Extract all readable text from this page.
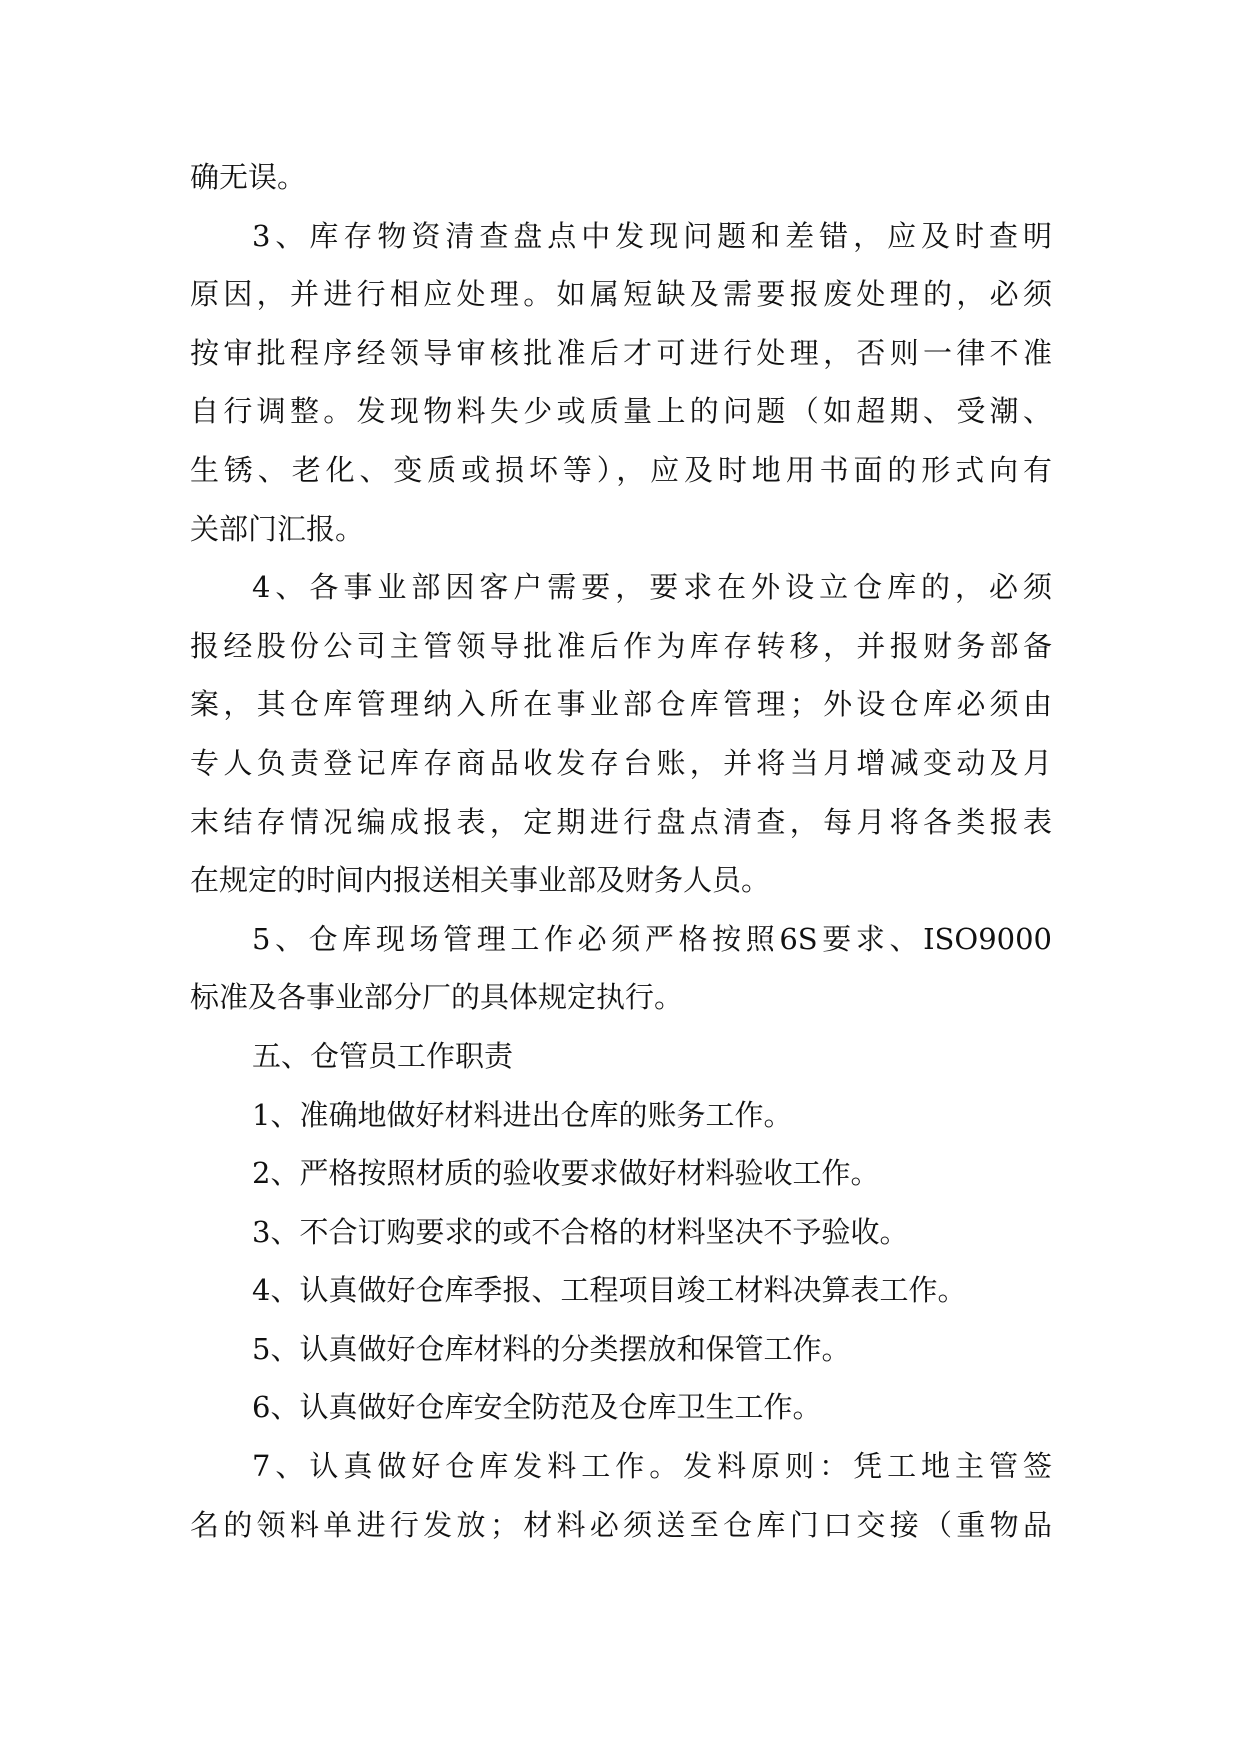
确无误。
3、库存物资清查盘点中发现问题和差错，应及时查明
原因，并进行相应处理。如属短缺及需要报废处理的，必须
按审批程序经领导审核批准后才可进行处理，否则一律不准
自行调整。发现物料失少或质量上的问题（如超期、受潮、
生锈、老化、变质或损坏等），应及时地用书面的形式向有
关部门汇报。
4、各事业部因客户需要，要求在外设立仓库的，必须
报经股份公司主管领导批准后作为库存转移，并报财务部备
案，其仓库管理纳入所在事业部仓库管理；外设仓库必须由
专人负责登记库存商品收发存台账，并将当月增减变动及月
末结存情况编成报表，定期进行盘点清查，每月将各类报表
在规定的时间内报送相关事业部及财务人员。
5、仓库现场管理工作必须严格按照6S要求、ISO9000
标准及各事业部分厂的具体规定执行。
五、仓管员工作职责
1、准确地做好材料进出仓库的账务工作。
2、严格按照材质的验收要求做好材料验收工作。
3、不合订购要求的或不合格的材料坚决不予验收。
4、认真做好仓库季报、工程项目竣工材料决算表工作。
5、认真做好仓库材料的分类摆放和保管工作。
6、认真做好仓库安全防范及仓库卫生工作。
7、认真做好仓库发料工作。发料原则：凭工地主管签
名的领料单进行发放；材料必须送至仓库门口交接（重物品
